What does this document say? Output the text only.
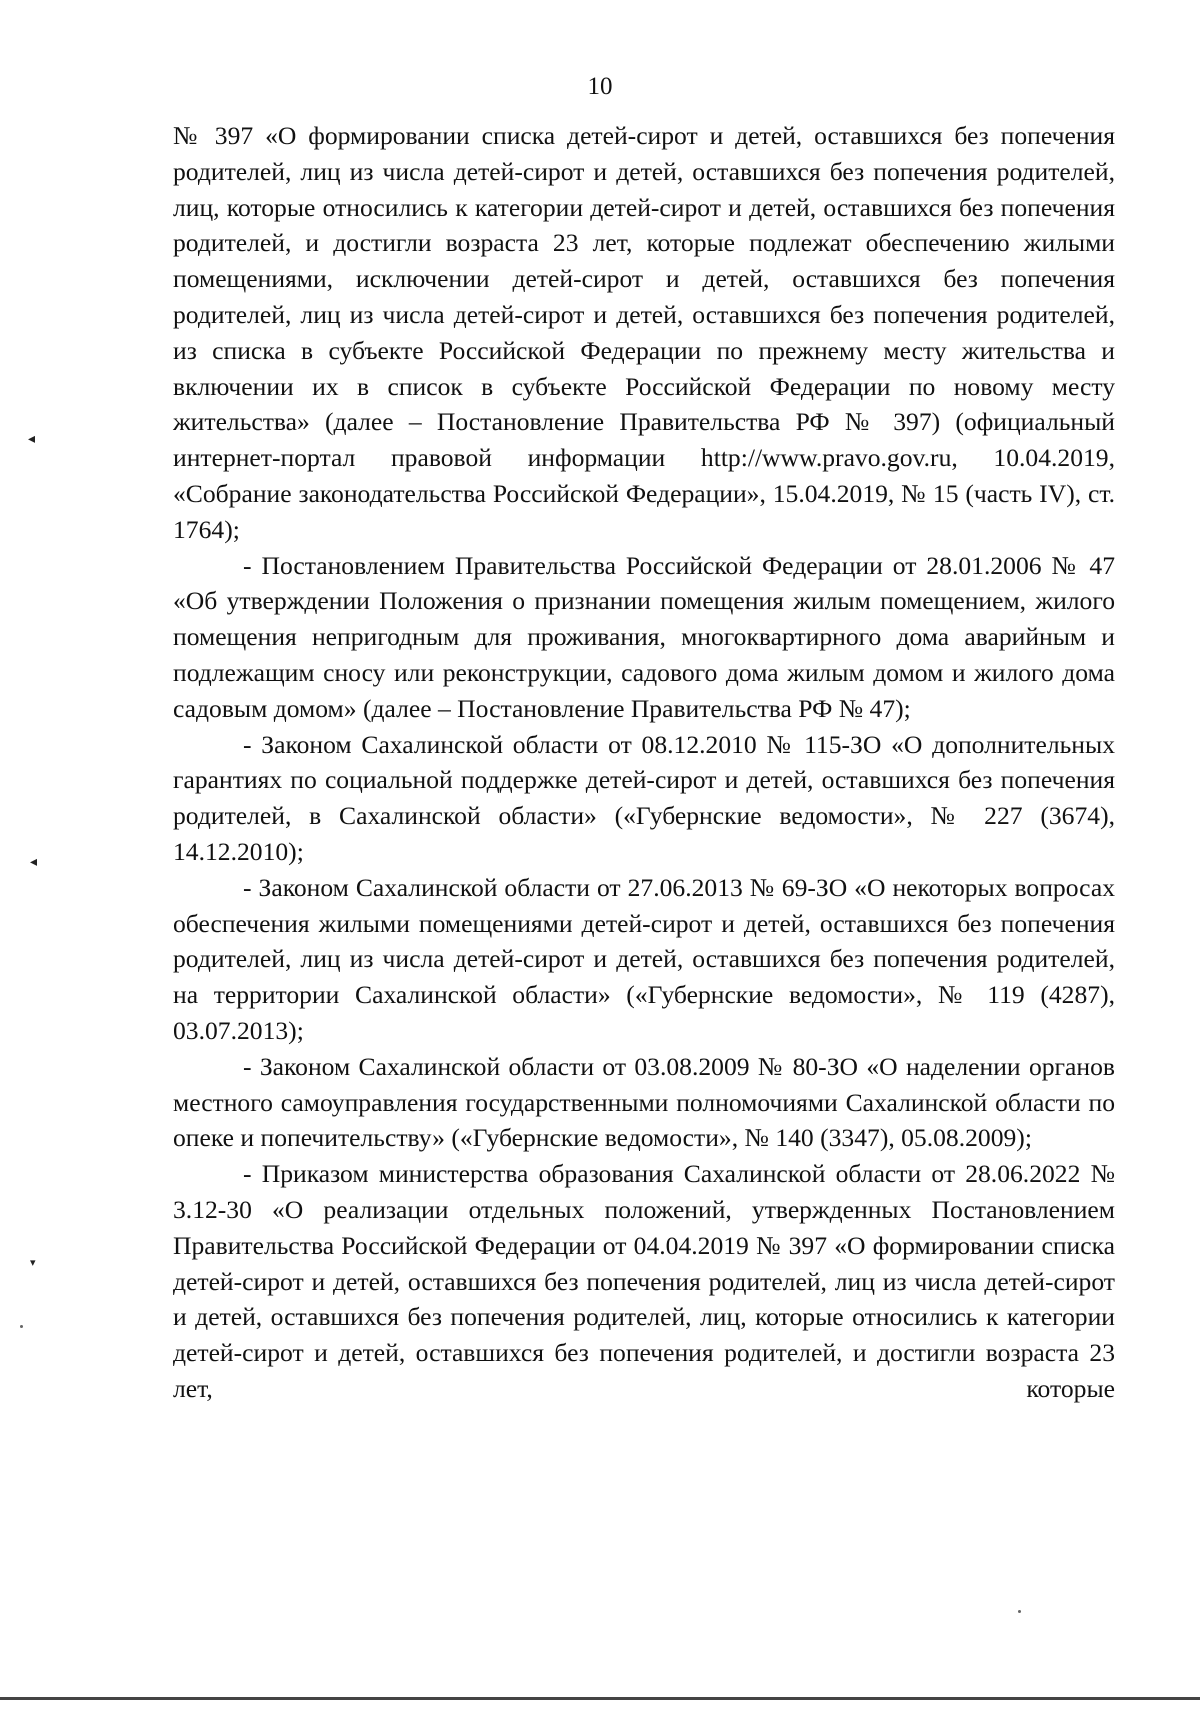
10

№ 397 «О формировании списка детей-сирот и детей, оставшихся без попечения родителей, лиц из числа детей-сирот и детей, оставшихся без попечения родителей, лиц, которые относились к категории детей-сирот и детей, оставшихся без попечения родителей, и достигли возраста 23 лет, которые подлежат обеспечению жилыми помещениями, исключении детей-сирот и детей, оставшихся без попечения родителей, лиц из числа детей-сирот и детей, оставшихся без попечения родителей, из списка в субъекте Российской Федерации по прежнему месту жительства и включении их в список в субъекте Российской Федерации по новому месту жительства» (далее – Постановление Правительства РФ № 397) (официальный интернет-портал правовой информации http://www.pravo.gov.ru, 10.04.2019, «Собрание законодательства Российской Федерации», 15.04.2019, № 15 (часть IV), ст. 1764);

- Постановлением Правительства Российской Федерации от 28.01.2006 № 47 «Об утверждении Положения о признании помещения жилым помещением, жилого помещения непригодным для проживания, многоквартирного дома аварийным и подлежащим сносу или реконструкции, садового дома жилым домом и жилого дома садовым домом» (далее – Постановление Правительства РФ № 47);

- Законом Сахалинской области от 08.12.2010 № 115-ЗО «О дополнительных гарантиях по социальной поддержке детей-сирот и детей, оставшихся без попечения родителей, в Сахалинской области» («Губернские ведомости», № 227 (3674), 14.12.2010);

- Законом Сахалинской области от 27.06.2013 № 69-ЗО «О некоторых вопросах обеспечения жилыми помещениями детей-сирот и детей, оставшихся без попечения родителей, лиц из числа детей-сирот и детей, оставшихся без попечения родителей, на территории Сахалинской области» («Губернские ведомости», № 119 (4287), 03.07.2013);

- Законом Сахалинской области от 03.08.2009 № 80-ЗО «О наделении органов местного самоуправления государственными полномочиями Сахалинской области по опеке и попечительству» («Губернские ведомости», № 140 (3347), 05.08.2009);

- Приказом министерства образования Сахалинской области от 28.06.2022 № 3.12-30 «О реализации отдельных положений, утвержденных Постановлением Правительства Российской Федерации от 04.04.2019 № 397 «О формировании списка детей-сирот и детей, оставшихся без попечения родителей, лиц из числа детей-сирот и детей, оставшихся без попечения родителей, лиц, которые относились к категории детей-сирот и детей, оставшихся без попечения родителей, и достигли возраста 23 лет, которые

◂
◂
▾
